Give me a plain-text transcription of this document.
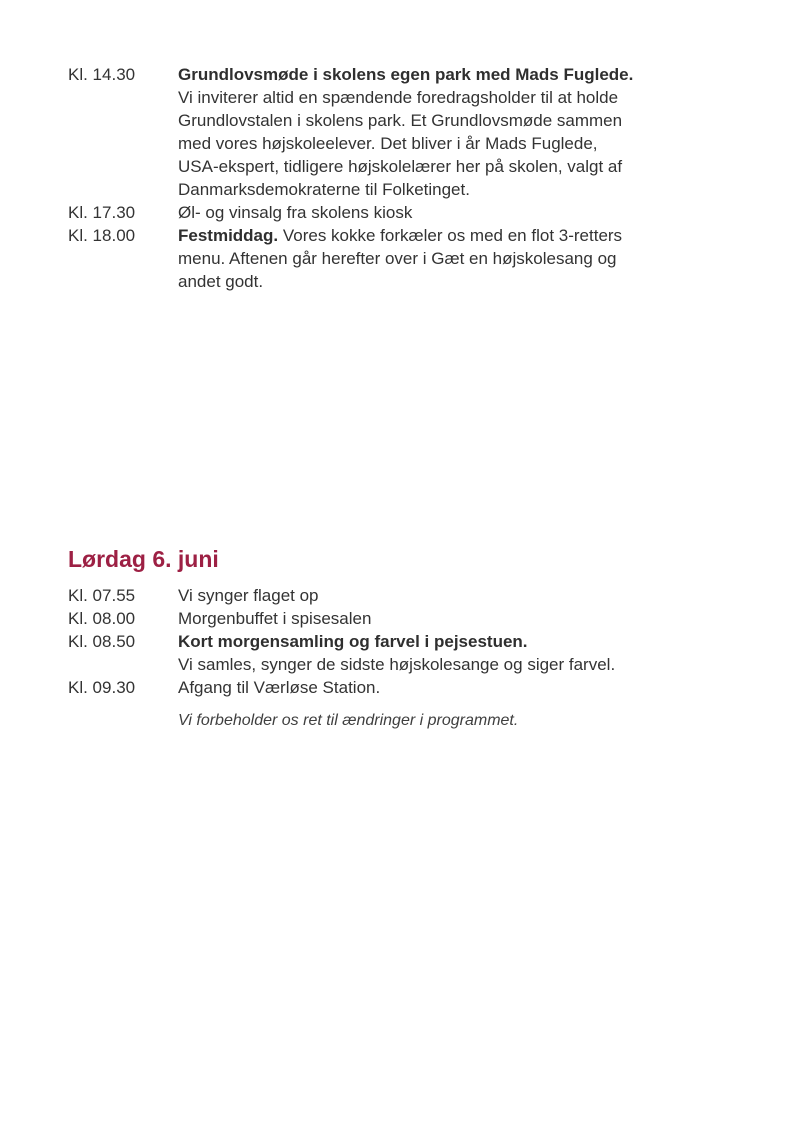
Kl. 14.30	Grundlovsmøde i skolens egen park med Mads Fuglede.
Vi inviterer altid en spændende foredragsholder til at holde
Grundlovstalen i skolens park. Et Grundlovsmøde sammen
med vores højskoleelever. Det bliver i år Mads Fuglede,
USA-ekspert, tidligere højskolelærer her på skolen, valgt af
Danmarksdemokraterne til Folketinget.
Kl. 17.30	Øl- og vinsalg fra skolens kiosk
Kl. 18.00	Festmiddag. Vores kokke forkæler os med en flot 3-retters
menu. Aftenen går herefter over i Gæt en højskolesang og
andet godt.
Lørdag 6. juni
Kl. 07.55	Vi synger flaget op
Kl. 08.00	Morgenbuffet i spisesalen
Kl. 08.50	Kort morgensamling og farvel i pejsestuen.
Vi samles, synger de sidste højskolesange og siger farvel.
Kl. 09.30	Afgang til Værløse Station.
Vi forbeholder os ret til ændringer i programmet.
